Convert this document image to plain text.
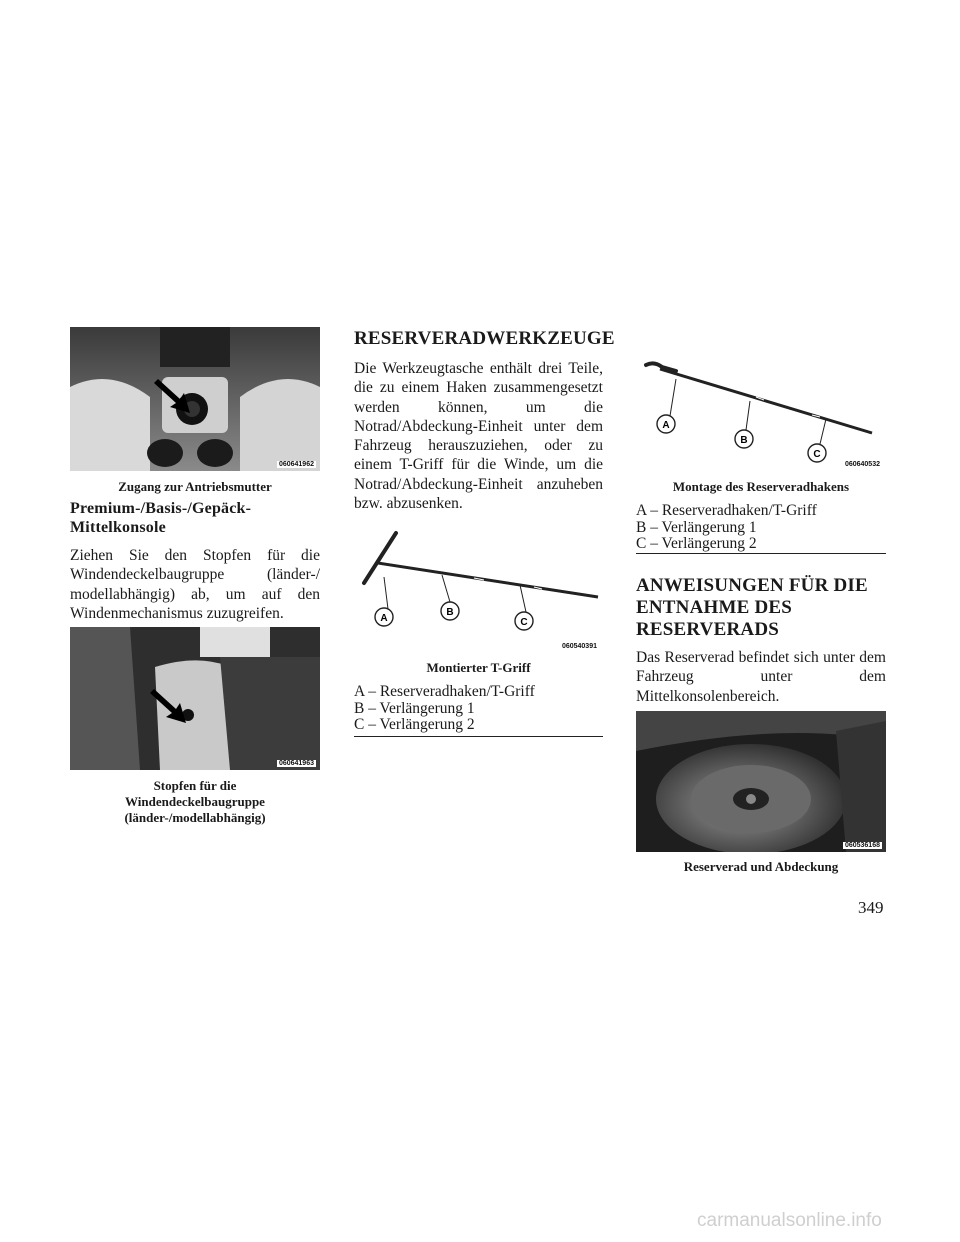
060641962
Zugang zur Antriebsmutter
Premium-/Basis-/Gepäck-Mittelkonsole
Ziehen Sie den Stopfen für die Windendeckelbaugruppe (länder-/ modellabhängig) ab, um auf den Windenmechanismus zuzugreifen.
060641963
Stopfen für die
Windendeckelbaugruppe
(länder-/modellabhängig)
RESERVERADWERKZEUGE
Die Werkzeugtasche enthält drei Teile, die zu einem Haken zusammengesetzt werden können, um die Notrad/Abdeckung-Einheit unter dem Fahrzeug herauszuziehen, oder zu einem T-Griff für die Winde, um die Notrad/Abdeckung-Einheit anzuheben bzw. abzusenken.
A
B
C
060540391
Montierter T-Griff
A – Reserveradhaken/T-Griff
B – Verlängerung 1
C – Verlängerung 2
A
B
C
060640532
Montage des Reserveradhakens
A – Reserveradhaken/T-Griff
B – Verlängerung 1
C – Verlängerung 2
ANWEISUNGEN FÜR DIE
ENTNAHME DES
RESERVERADS
Das Reserverad befindet sich unter dem Fahrzeug unter dem Mittelkonsolenbereich.
060536168
Reserverad und Abdeckung
349
carmanualsonline.info
